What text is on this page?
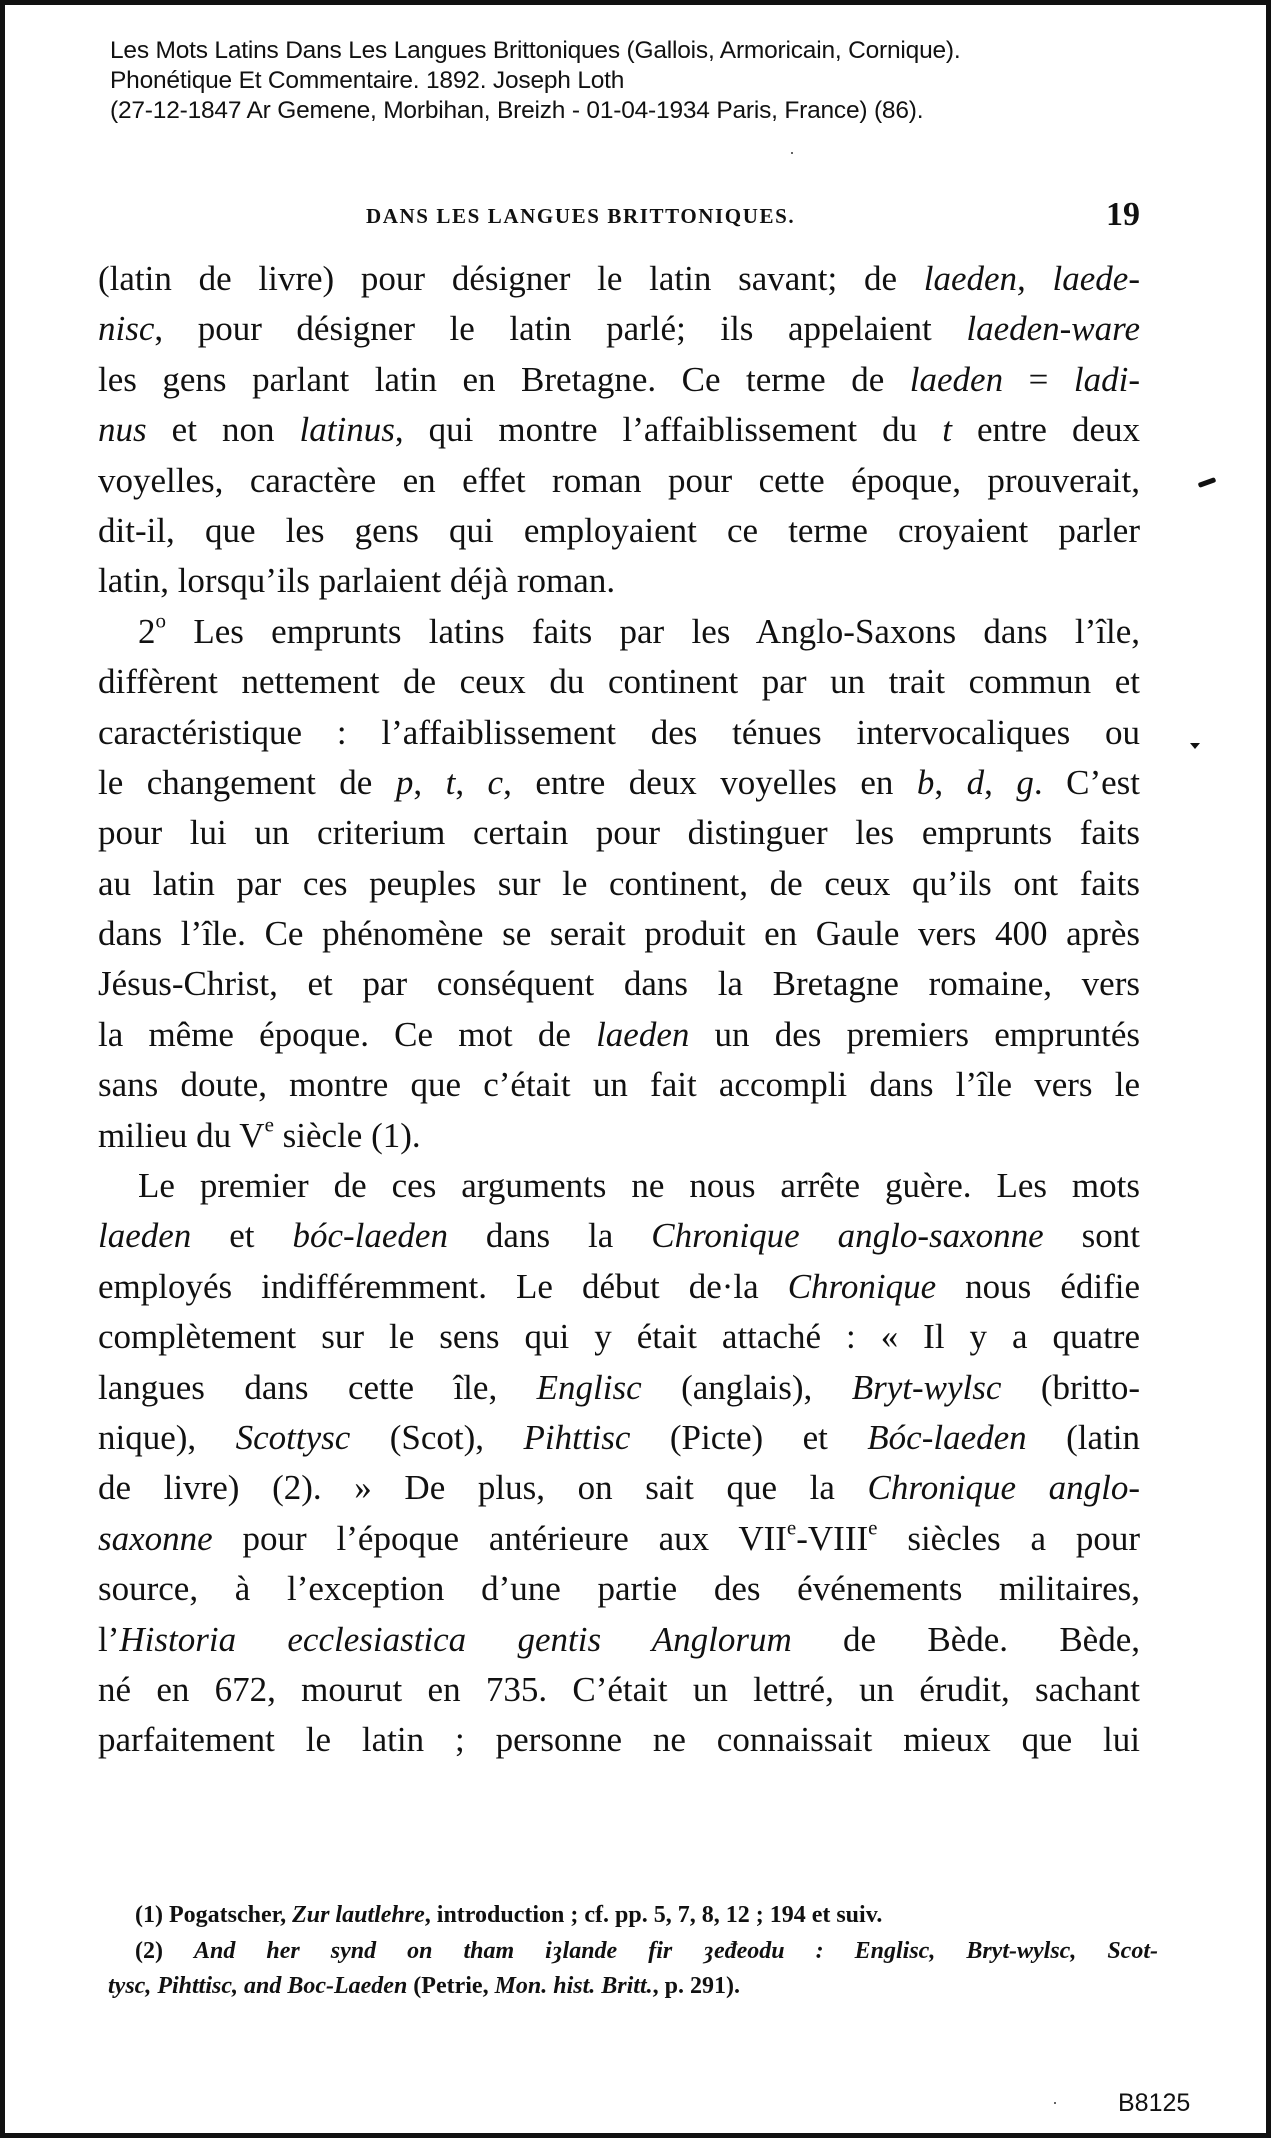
Les Mots Latins Dans Les Langues Brittoniques (Gallois, Armoricain, Cornique).
Phonétique Et Commentaire. 1892. Joseph Loth
(27-12-1847 Ar Gemene, Morbihan, Breizh - 01-04-1934 Paris, France) (86).
DANS LES LANGUES BRITTONIQUES.	19
(latin de livre) pour désigner le latin savant; de laeden, laede-
nisc, pour désigner le latin parlé; ils appelaient laeden-ware
les gens parlant latin en Bretagne. Ce terme de laeden = ladi-
nus et non latinus, qui montre l’affaiblissement du t entre deux
voyelles, caractère en effet roman pour cette époque, prouverait,
dit-il, que les gens qui employaient ce terme croyaient parler
latin, lorsqu’ils parlaient déjà roman.
2$^o$ Les emprunts latins faits par les Anglo-Saxons dans l’île,
diffèrent nettement de ceux du continent par un trait commun et
caractéristique : l’affaiblissement des ténues intervocaliques ou
le changement de p, t, c, entre deux voyelles en b, d, g. C’est
pour lui un criterium certain pour distinguer les emprunts faits
au latin par ces peuples sur le continent, de ceux qu’ils ont faits
dans l’île. Ce phénomène se serait produit en Gaule vers 400 après
Jésus-Christ, et par conséquent dans la Bretagne romaine, vers
la même époque. Ce mot de laeden un des premiers empruntés
sans doute, montre que c’était un fait accompli dans l’île vers le
milieu du Ve siècle (1).
Le premier de ces arguments ne nous arrête guère. Les mots
laeden et bóc-laeden dans la Chronique anglo-saxonne sont
employés indifféremment. Le début de·la Chronique nous édifie
complètement sur le sens qui y était attaché : « Il y a quatre
langues dans cette île, Englisc (anglais), Bryt-wylsc (britto-
nique), Scottysc (Scot), Pihttisc (Picte) et Bóc-laeden (latin
de livre) (2). » De plus, on sait que la Chronique anglo-
saxonne pour l’époque antérieure aux VIIe-VIIIe siècles a pour
source, à l’exception d’une partie des événements militaires,
l’Historia ecclesiastica gentis Anglorum de Bède. Bède,
né en 672, mourut en 735. C’était un lettré, un érudit, sachant
parfaitement le latin ; personne ne connaissait mieux que lui
(1) Pogatscher, Zur lautlehre, introduction ; cf. pp. 5, 7, 8, 12 ; 194 et suiv.
(2) And her synd on tham iȝlande fir ȝeđeodu : Englisc, Bryt-wylsc, Scot-
tysc, Pihttisc, and Boc-Laeden (Petrie, Mon. hist. Britt., p. 291).
B8125
